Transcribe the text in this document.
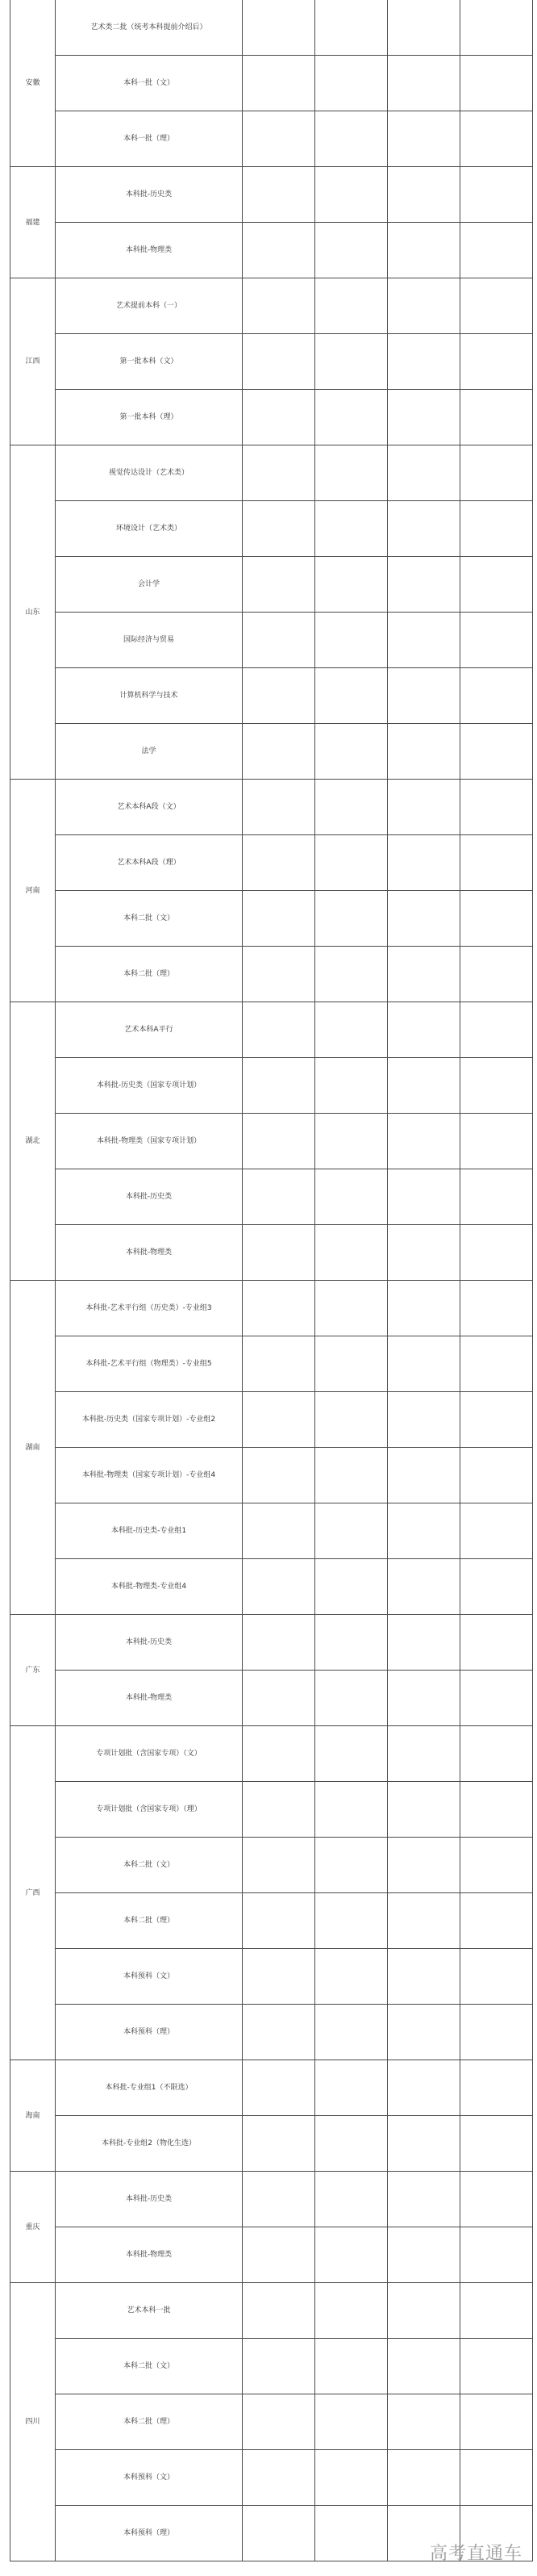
安徽	艺术类二批（统考本科提前介绍后）				
	本科一批（文）				
	本科一批（理）				
福建	本科批-历史类				
	本科批-物理类				
江西	艺术提前本科（一）				
	第一批本科（文）				
	第一批本科（理）				
山东	视觉传达设计（艺术类）				
	环境设计（艺术类）				
	会计学				
	国际经济与贸易				
	计算机科学与技术				
	法学				
河南	艺术本科A段（文）				
	艺术本科A段（理）				
	本科二批（文）				
	本科二批（理）				
湖北	艺术本科A平行				
	本科批-历史类（国家专项计划）				
	本科批-物理类（国家专项计划）				
	本科批-历史类				
	本科批-物理类				
湖南	本科批-艺术平行组（历史类）-专业组3				
	本科批-艺术平行组（物理类）-专业组5				
	本科批-历史类（国家专项计划）-专业组2				
	本科批-物理类（国家专项计划）-专业组4				
	本科批-历史类-专业组1				
	本科批-物理类-专业组4				
广东	本科批-历史类				
	本科批-物理类				
广西	专项计划批（含国家专项）（文）				
	专项计划批（含国家专项）（理）				
	本科二批（文）				
	本科二批（理）				
	本科预科（文）				
	本科预科（理）				
海南	本科批-专业组1（不限选）				
	本科批-专业组2（物化生选）				
重庆	本科批-历史类				
	本科批-物理类				
四川	艺术本科一批				
	本科二批（文）				
	本科二批（理）				
	本科预科（文）				
	本科预科（理）				
高考直通车
